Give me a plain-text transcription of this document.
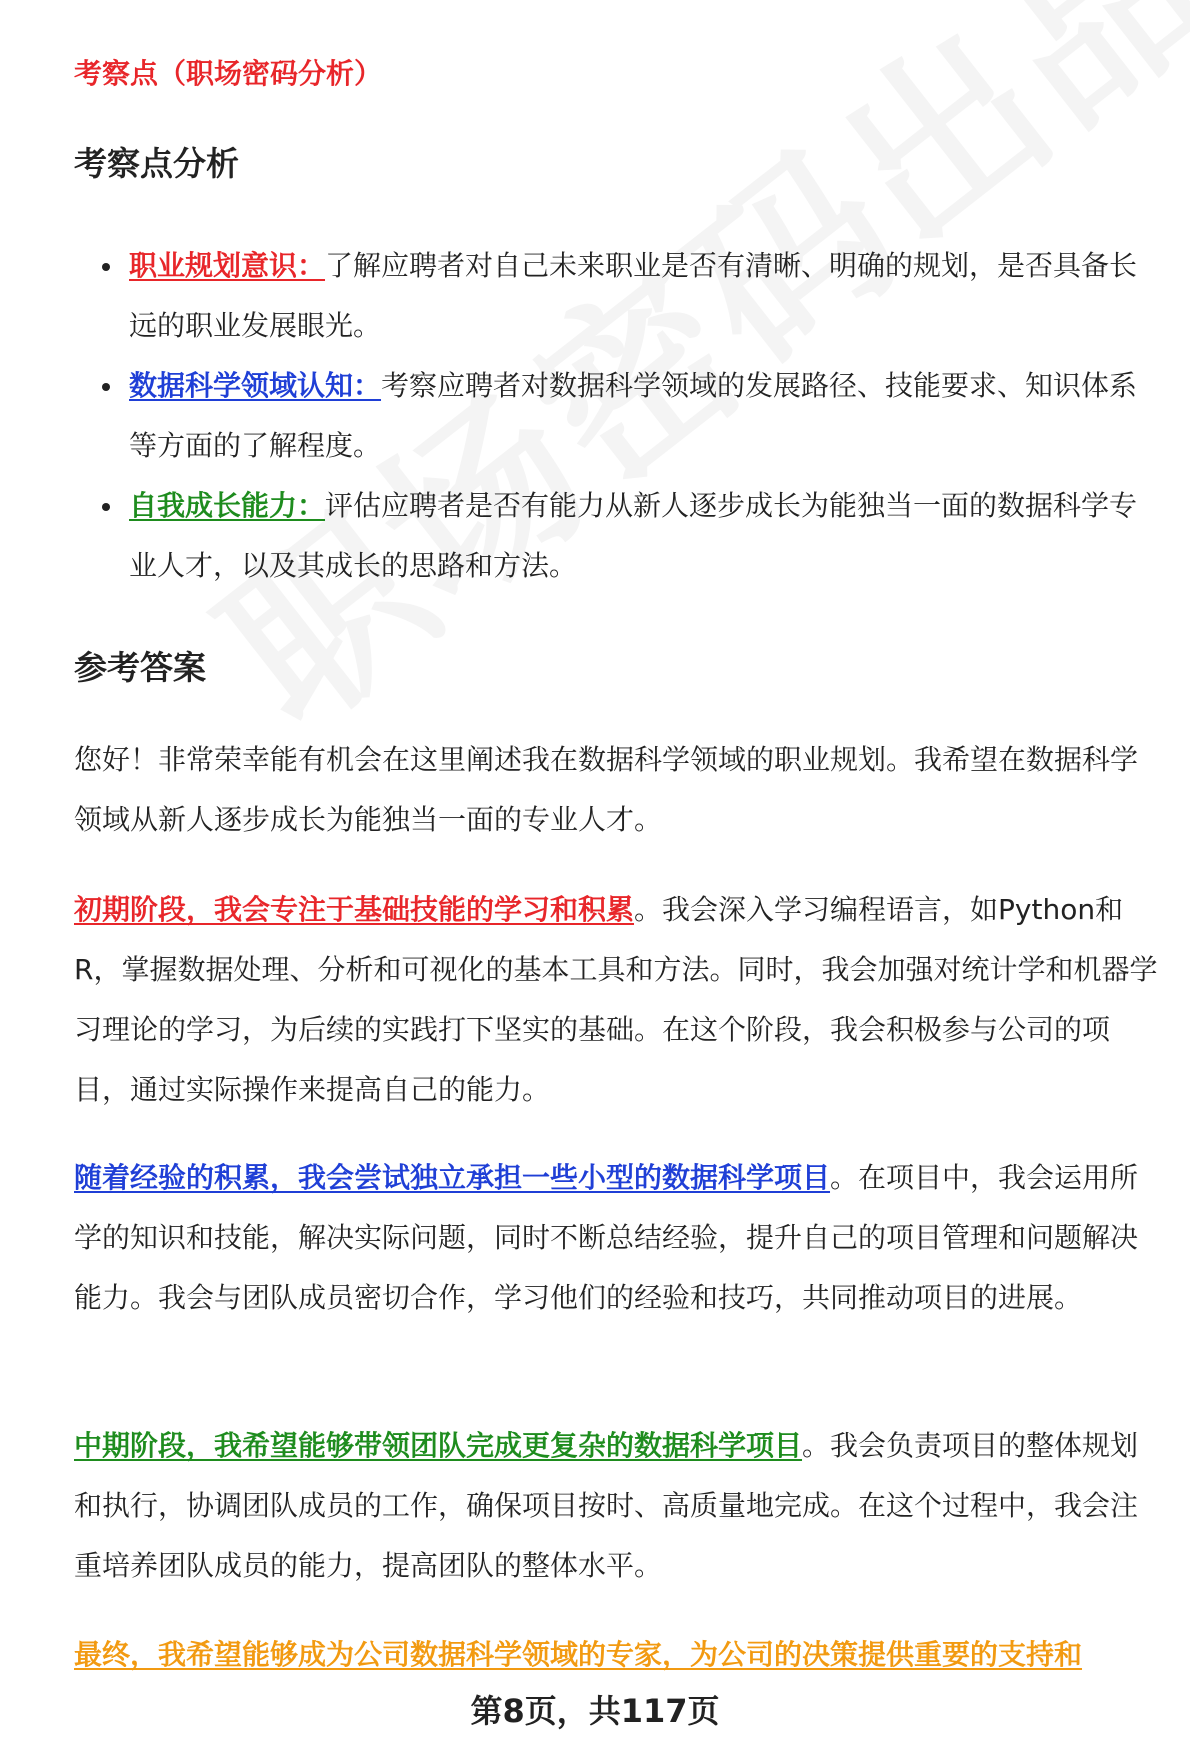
考察点（职场密码分析）
考察点分析
职业规划意识：了解应聘者对自己未来职业是否有清晰、明确的规划，是否具备长远的职业发展眼光。
数据科学领域认知：考察应聘者对数据科学领域的发展路径、技能要求、知识体系等方面的了解程度。
自我成长能力：评估应聘者是否有能力从新人逐步成长为能独当一面的数据科学专业人才，以及其成长的思路和方法。
参考答案

您好！非常荣幸能有机会在这里阐述我在数据科学领域的职业规划。我希望在数据科学领域从新人逐步成长为能独当一面的专业人才。

初期阶段，我会专注于基础技能的学习和积累。我会深入学习编程语言，如Python和R，掌握数据处理、分析和可视化的基本工具和方法。同时，我会加强对统计学和机器学习理论的学习，为后续的实践打下坚实的基础。在这个阶段，我会积极参与公司的项目，通过实际操作来提高自己的能力。

随着经验的积累，我会尝试独立承担一些小型的数据科学项目。在项目中，我会运用所学的知识和技能，解决实际问题，同时不断总结经验，提升自己的项目管理和问题解决能力。我会与团队成员密切合作，学习他们的经验和技巧，共同推动项目的进展。

中期阶段，我希望能够带领团队完成更复杂的数据科学项目。我会负责项目的整体规划和执行，协调团队成员的工作，确保项目按时、高质量地完成。在这个过程中，我会注重培养团队成员的能力，提高团队的整体水平。

最终，我希望能够成为公司数据科学领域的专家，为公司的决策提供重要的支持和

第8页，共117页
